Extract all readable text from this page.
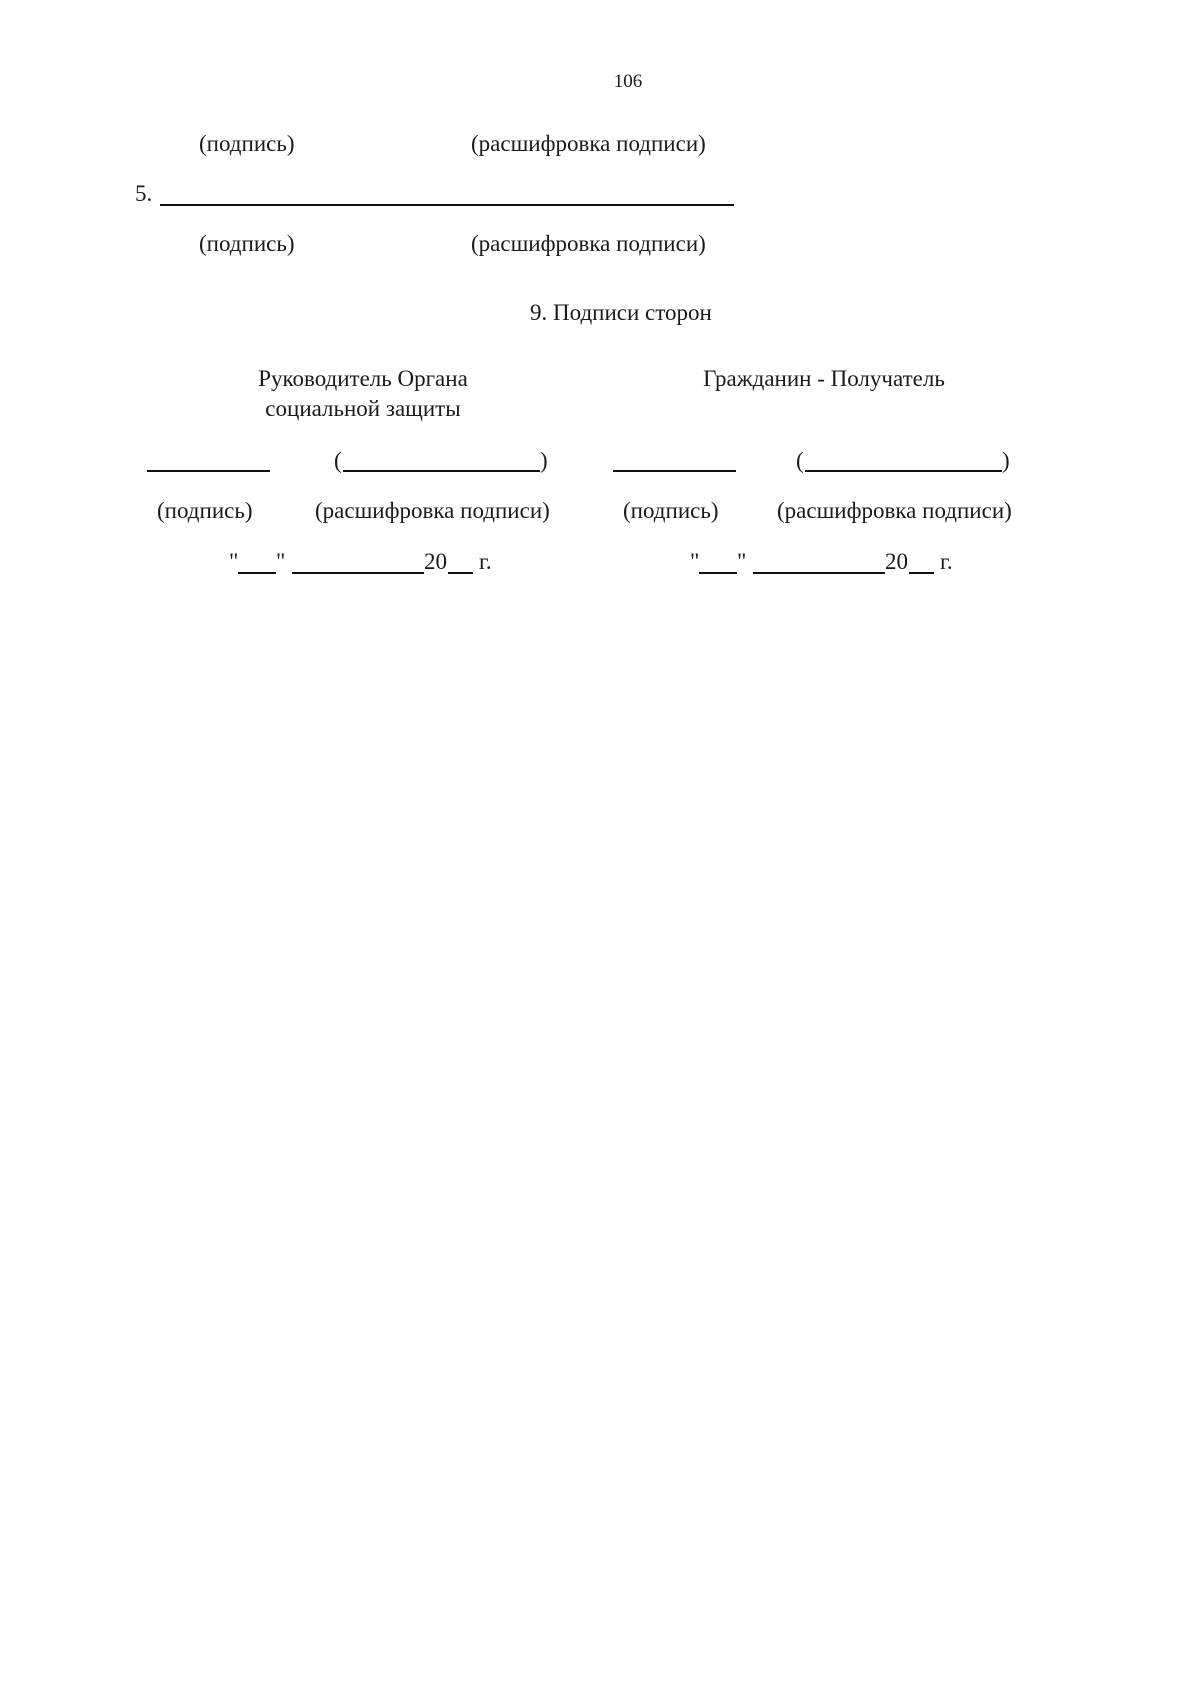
106
(подпись)	(расшифровка подписи)
5.
(подпись)	(расшифровка подписи)
9. Подписи сторон
Руководитель Органа
социальной защиты
Гражданин - Получатель
(	)	(	)
(подпись)	(расшифровка подписи)	(подпись)	(расшифровка подписи)
" "	20 г.	" "	20 г.
